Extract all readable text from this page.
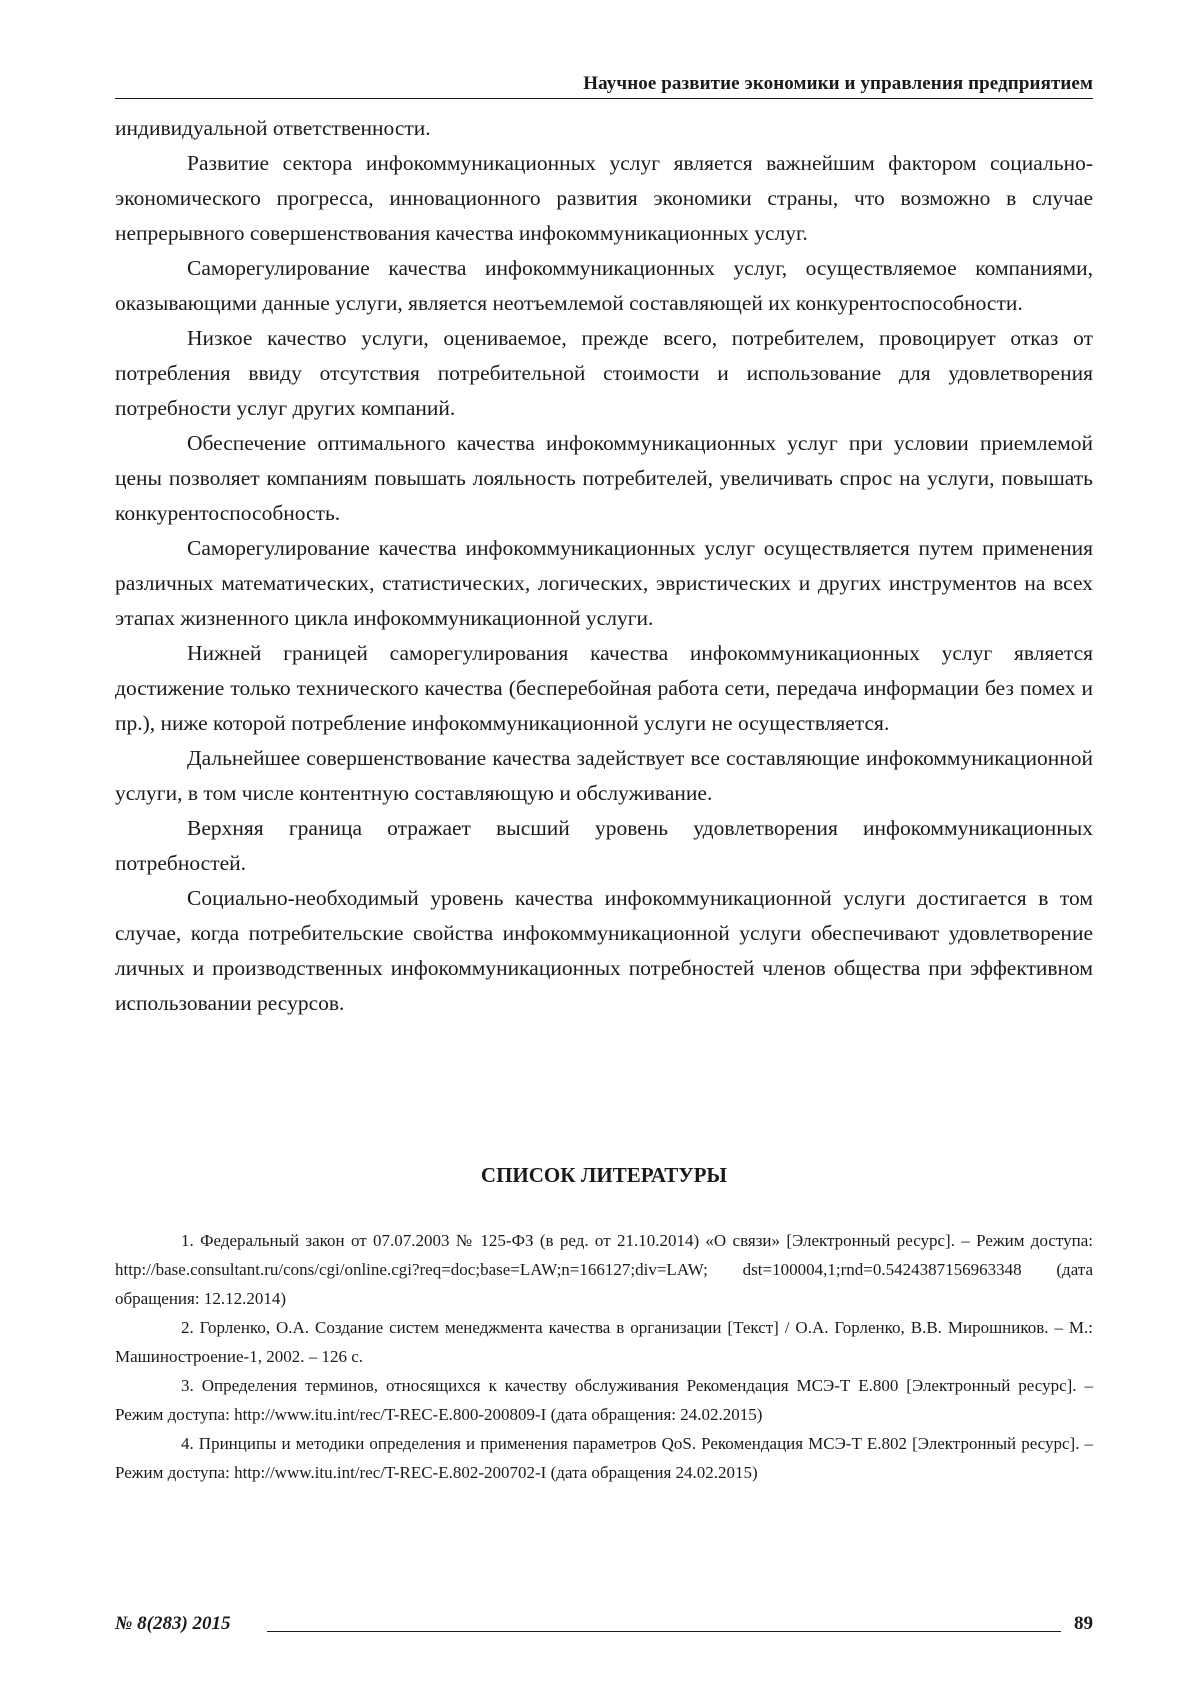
Научное развитие экономики и управления предприятием

индивидуальной ответственности.

Развитие сектора инфокоммуникационных услуг является важнейшим фактором социально-экономического прогресса, инновационного развития экономики страны, что возможно в случае непрерывного совершенствования качества инфокоммуникационных услуг.

Саморегулирование качества инфокоммуникационных услуг, осуществляемое компаниями, оказывающими данные услуги, является неотъемлемой составляющей их конкурентоспособности.

Низкое качество услуги, оцениваемое, прежде всего, потребителем, провоцирует отказ от потребления ввиду отсутствия потребительной стоимости и использование для удовлетворения потребности услуг других компаний.

Обеспечение оптимального качества инфокоммуникационных услуг при условии приемлемой цены позволяет компаниям повышать лояльность потребителей, увеличивать спрос на услуги, повышать конкурентоспособность.

Саморегулирование качества инфокоммуникационных услуг осуществляется путем применения различных математических, статистических, логических, эвристических и других инструментов на всех этапах жизненного цикла инфокоммуникационной услуги.

Нижней границей саморегулирования качества инфокоммуникационных услуг является достижение только технического качества (бесперебойная работа сети, передача информации без помех и пр.), ниже которой потребление инфокоммуникационной услуги не осуществляется.

Дальнейшее совершенствование качества задействует все составляющие инфокоммуникационной услуги, в том числе контентную составляющую и обслуживание.

Верхняя граница отражает высший уровень удовлетворения инфокоммуникационных потребностей.

Социально-необходимый уровень качества инфокоммуникационной услуги достигается в том случае, когда потребительские свойства инфокоммуникационной услуги обеспечивают удовлетворение личных и производственных инфокоммуникационных потребностей членов общества при эффективном использовании ресурсов.

СПИСОК ЛИТЕРАТУРЫ

1. Федеральный закон от 07.07.2003 № 125-ФЗ (в ред. от 21.10.2014) «О связи» [Электронный ресурс]. – Режим доступа: http://base.consultant.ru/cons/cgi/online.cgi?req=doc;base=LAW;n=166127;div=LAW; dst=100004,1;rnd=0.5424387156963348 (дата обращения: 12.12.2014)

2. Горленко, О.А. Создание систем менеджмента качества в организации [Текст] / О.А. Горленко, В.В. Мирошников. – М.: Машиностроение-1, 2002. – 126 с.

3. Определения терминов, относящихся к качеству обслуживания Рекомендация МСЭ-Т Е.800 [Электронный ресурс]. – Режим доступа: http://www.itu.int/rec/T-REC-E.800-200809-I (дата обращения: 24.02.2015)

4. Принципы и методики определения и применения параметров QoS. Рекомендация МСЭ-Т Е.802 [Электронный ресурс]. – Режим доступа: http://www.itu.int/rec/T-REC-E.802-200702-I (дата обращения 24.02.2015)

№ 8(283) 2015	89
